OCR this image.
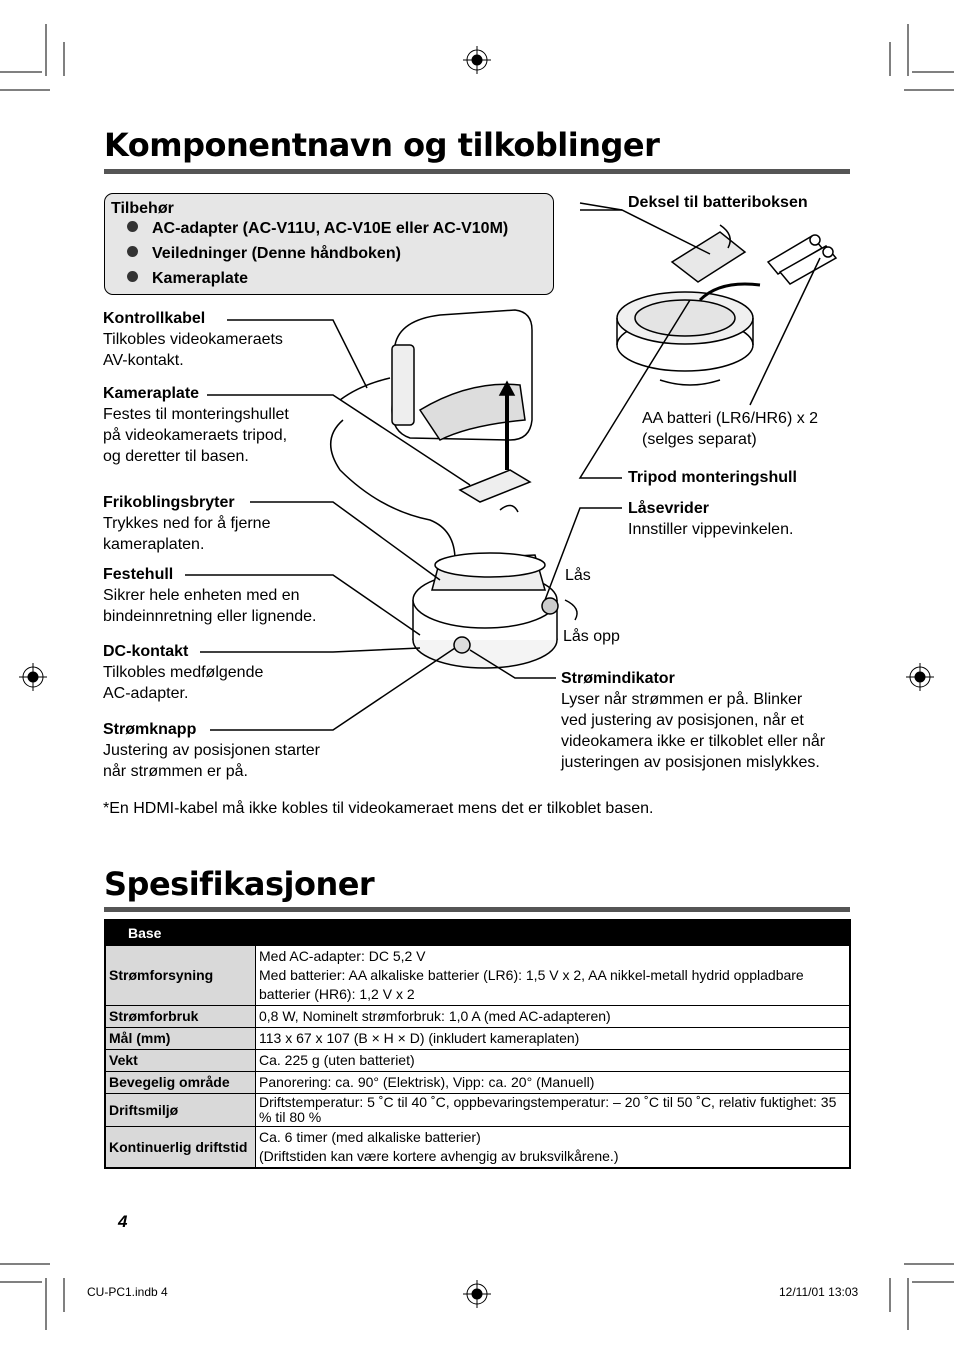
Komponentnavn og tilkoblinger
Tilbehør
AC-adapter (AC-V11U, AC-V10E eller AC-V10M)
Veiledninger (Denne håndboken)
Kameraplate
Kontrollkabel
Tilkobles videokameraets
AV-kontakt.
Kameraplate
Festes til monteringshullet
på videokameraets tripod,
og deretter til basen.
Frikoblingsbryter
Trykkes ned for å fjerne
kameraplaten.
Festehull
Sikrer hele enheten med en
bindeinnretning eller lignende.
DC-kontakt
Tilkobles medfølgende
AC-adapter.
Strømknapp
Justering av posisjonen starter
når strømmen er på.
Deksel til batteriboksen
AA batteri (LR6/HR6) x 2
(selges separat)
Tripod monteringshull
Låsevrider
Innstiller vippevinkelen.
Lås
Lås opp
Strømindikator
Lyser når strømmen er på. Blinker
ved justering av posisjonen, når et
videokamera ikke er tilkoblet eller når
justeringen av posisjonen mislykkes.
*En HDMI-kabel må ikke kobles til videokameraet mens det er tilkoblet basen.
Spesifikasjoner
Base	
Strømforsyning	Med AC-adapter: DC 5,2 V
Med batterier: AA alkaliske batterier (LR6): 1,5 V x 2, AA nikkel-metall hydrid oppladbare batterier (HR6): 1,2 V x 2

Strømforbruk	0,8 W, Nominelt strømforbruk: 1,0 A (med AC-adapteren)
Mål (mm)	113 x 67 x 107 (B × H × D) (inkludert kameraplaten)
Vekt	Ca. 225 g (uten batteriet)
Bevegelig område	Panorering: ca. 90° (Elektrisk), Vipp: ca. 20° (Manuell)
Driftsmiljø	Driftstemperatur: 5 ˚C til 40 ˚C, oppbevaringstemperatur: – 20 ˚C til 50 ˚C, relativ fuktighet: 35 % til 80 %
Kontinuerlig driftstid	Ca. 6 timer (med alkaliske batterier)
(Driftstiden kan være kortere avhengig av bruksvilkårene.)
4
CU-PC1.indb 4	12/11/01 13:03
